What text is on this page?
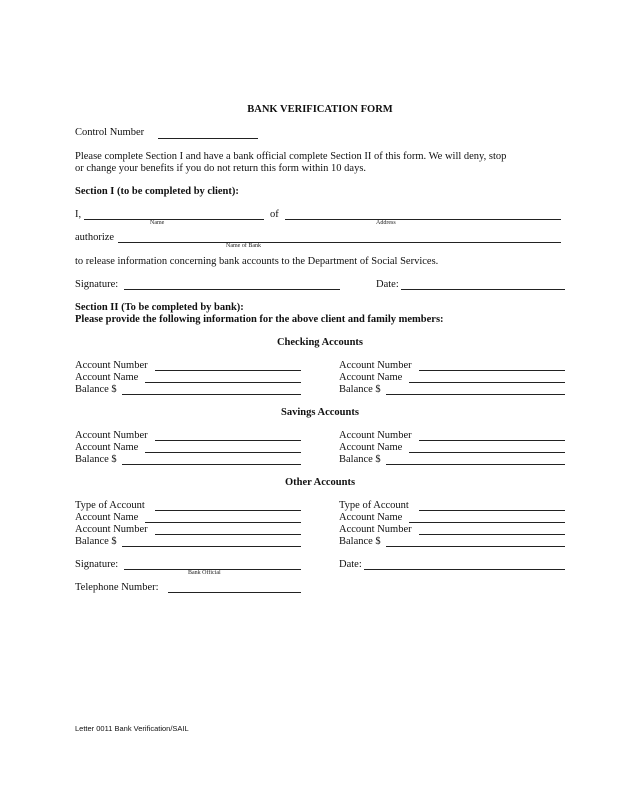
BANK VERIFICATION FORM
Control Number
Please complete Section I and have a bank official complete Section II of this form. We will deny, stop
or change your benefits if you do not return this form within 10 days.
Section I (to be completed by client):
I,
Name
of
Address
authorize
Name of Bank
to release information concerning bank accounts to the Department of Social Services.
Signature:	Date:
Section II (To be completed by bank):
Please provide the following information for the above client and family members:
Checking Accounts
Account Number
Account Name
Balance $
Account Number
Account Name
Balance $
Savings Accounts
Account Number
Account Name
Balance $
Account Number
Account Name
Balance $
Other Accounts
Type of Account
Account Name
Account Number
Balance $
Type of Account
Account Name
Account Number
Balance $
Signature:
Bank Official
Date:
Telephone Number:
Letter 0011 Bank Verification/SAIL
